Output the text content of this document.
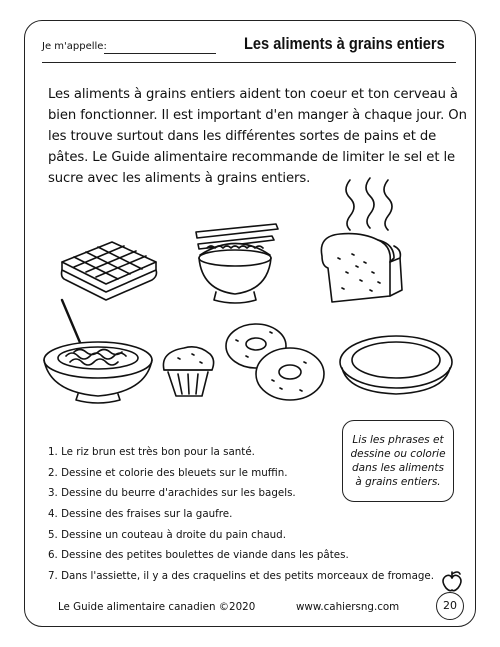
Je m'appelle:	Les aliments à grains entiers
Les aliments à grains entiers aident ton coeur et ton cerveau à bien fonctionner. Il est important d'en manger à chaque jour. On les trouve surtout dans les différentes sortes de pains et de pâtes. Le Guide alimentaire recommande de limiter le sel et le sucre avec les aliments à grains entiers.
Lis les phrases et dessine ou colorie dans les aliments à grains entiers.
1. Le riz brun est très bon pour la santé.
2. Dessine et colorie des bleuets sur le muffin.
3. Dessine du beurre d'arachides sur les bagels.
4. Dessine des fraises sur la gaufre.
5. Dessine un couteau à droite du pain chaud.
6. Dessine des petites boulettes de viande dans les pâtes.
7. Dans l'assiette, il y a des craquelins et des petits morceaux de fromage.
Le Guide alimentaire canadien ©2020	www.cahiersng.com	20
